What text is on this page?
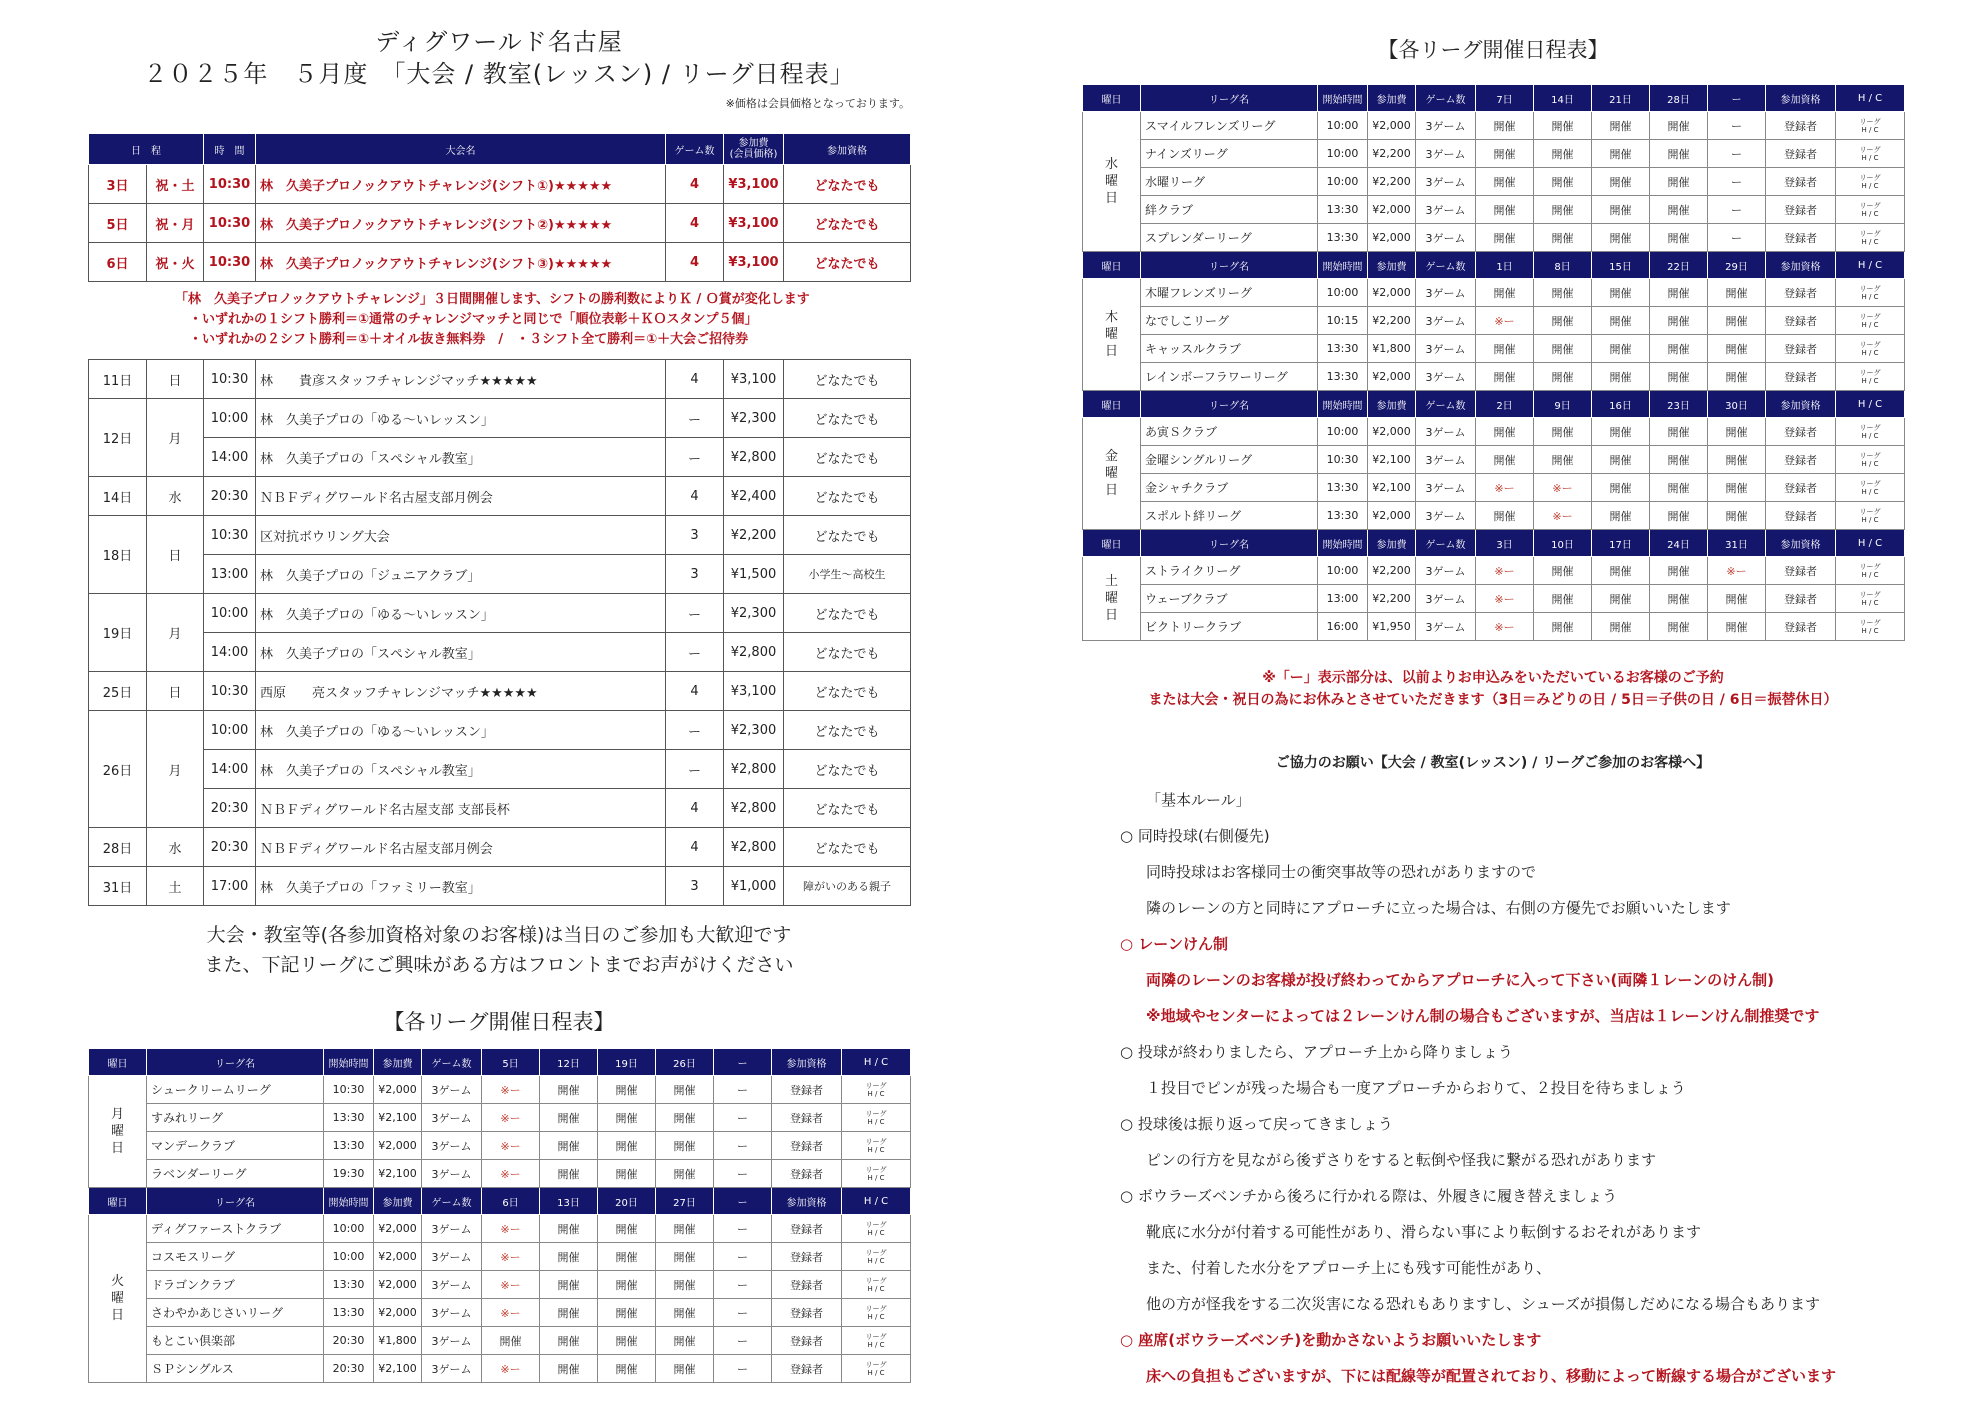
ディグワールド名古屋
２０２５年　５月度　「大会 / 教室(レッスン) / リーグ日程表」
※価格は会員価格となっております。
日　程		時　間	大会名	ゲーム数	参加費
(会員価格)	参加資格
3日	祝・土	10:30	林　久美子プロノックアウトチャレンジ(シフト①)★★★★★	4	¥3,100	どなたでも
5日	祝・月	10:30	林　久美子プロノックアウトチャレンジ(シフト②)★★★★★	4	¥3,100	どなたでも
6日	祝・火	10:30	林　久美子プロノックアウトチャレンジ(シフト③)★★★★★	4	¥3,100	どなたでも
「林　久美子プロノックアウトチャレンジ」３日間開催します、シフトの勝利数によりＫ / Ｏ賞が変化します
・いずれかの１シフト勝利＝①通常のチャレンジマッチと同じで「順位表彰＋ＫＯスタンプ５個」
・いずれかの２シフト勝利＝①＋オイル抜き無料券　/　・３シフト全て勝利＝①＋大会ご招待券
11日	日	10:30	林　　貴彦スタッフチャレンジマッチ★★★★★	4	¥3,100	どなたでも
12日	月	10:00	林　久美子プロの「ゆる〜いレッスン」	ー	¥2,300	どなたでも
		14:00	林　久美子プロの「スペシャル教室」	ー	¥2,800	どなたでも
14日	水	20:30	ＮＢＦディグワールド名古屋支部月例会	4	¥2,400	どなたでも
18日	日	10:30	区対抗ボウリング大会	3	¥2,200	どなたでも
		13:00	林　久美子プロの「ジュニアクラブ」	3	¥1,500	小学生〜高校生
19日	月	10:00	林　久美子プロの「ゆる〜いレッスン」	ー	¥2,300	どなたでも
		14:00	林　久美子プロの「スペシャル教室」	ー	¥2,800	どなたでも
25日	日	10:30	西原　　亮スタッフチャレンジマッチ★★★★★	4	¥3,100	どなたでも
26日	月	10:00	林　久美子プロの「ゆる〜いレッスン」	ー	¥2,300	どなたでも
		14:00	林　久美子プロの「スペシャル教室」	ー	¥2,800	どなたでも
		20:30	ＮＢＦディグワールド名古屋支部 支部長杯	4	¥2,800	どなたでも
28日	水	20:30	ＮＢＦディグワールド名古屋支部月例会	4	¥2,800	どなたでも
31日	土	17:00	林　久美子プロの「ファミリー教室」	3	¥1,000	障がいのある親子
大会・教室等(各参加資格対象のお客様)は当日のご参加も大歓迎です
また、下記リーグにご興味がある方はフロントまでお声がけください
【各リーグ開催日程表】
曜日	リーグ名	開始時間	参加費	ゲーム数	5日	12日	19日	26日	ー	参加資格	H / C
月
曜
日	シュークリームリーグ	10:30	¥2,000	3ゲーム	※ー	開催	開催	開催	ー	登録者	リーグ
H / C
	すみれリーグ	13:30	¥2,100	3ゲーム	※ー	開催	開催	開催	ー	登録者	リーグ
H / C
	マンデークラブ	13:30	¥2,000	3ゲーム	※ー	開催	開催	開催	ー	登録者	リーグ
H / C
	ラベンダーリーグ	19:30	¥2,100	3ゲーム	※ー	開催	開催	開催	ー	登録者	リーグ
H / C
曜日	リーグ名	開始時間	参加費	ゲーム数	6日	13日	20日	27日	ー	参加資格	H / C
火
曜
日	ディグファーストクラブ	10:00	¥2,000	3ゲーム	※ー	開催	開催	開催	ー	登録者	リーグ
H / C
	コスモスリーグ	10:00	¥2,000	3ゲーム	※ー	開催	開催	開催	ー	登録者	リーグ
H / C
	ドラゴンクラブ	13:30	¥2,000	3ゲーム	※ー	開催	開催	開催	ー	登録者	リーグ
H / C
	さわやかあじさいリーグ	13:30	¥2,000	3ゲーム	※ー	開催	開催	開催	ー	登録者	リーグ
H / C
	もとこい倶楽部	20:30	¥1,800	3ゲーム	開催	開催	開催	開催	ー	登録者	リーグ
H / C
	ＳＰシングルス	20:30	¥2,100	3ゲーム	※ー	開催	開催	開催	ー	登録者	リーグ
H / C
【各リーグ開催日程表】
曜日	リーグ名	開始時間	参加費	ゲーム数	7日	14日	21日	28日	ー	参加資格	H / C
水
曜
日	スマイルフレンズリーグ	10:00	¥2,000	3ゲーム	開催	開催	開催	開催	ー	登録者	リーグ
H / C
	ナインズリーグ	10:00	¥2,200	3ゲーム	開催	開催	開催	開催	ー	登録者	リーグ
H / C
	水曜リーグ	10:00	¥2,200	3ゲーム	開催	開催	開催	開催	ー	登録者	リーグ
H / C
	絆クラブ	13:30	¥2,000	3ゲーム	開催	開催	開催	開催	ー	登録者	リーグ
H / C
	スプレンダーリーグ	13:30	¥2,000	3ゲーム	開催	開催	開催	開催	ー	登録者	リーグ
H / C
曜日	リーグ名	開始時間	参加費	ゲーム数	1日	8日	15日	22日	29日	参加資格	H / C
木
曜
日	木曜フレンズリーグ	10:00	¥2,000	3ゲーム	開催	開催	開催	開催	開催	登録者	リーグ
H / C
	なでしこリーグ	10:15	¥2,200	3ゲーム	※ー	開催	開催	開催	開催	登録者	リーグ
H / C
	キャッスルクラブ	13:30	¥1,800	3ゲーム	開催	開催	開催	開催	開催	登録者	リーグ
H / C
	レインボーフラワーリーグ	13:30	¥2,000	3ゲーム	開催	開催	開催	開催	開催	登録者	リーグ
H / C
曜日	リーグ名	開始時間	参加費	ゲーム数	2日	9日	16日	23日	30日	参加資格	H / C
金
曜
日	あ寅Ｓクラブ	10:00	¥2,000	3ゲーム	開催	開催	開催	開催	開催	登録者	リーグ
H / C
	金曜シングルリーグ	10:30	¥2,100	3ゲーム	開催	開催	開催	開催	開催	登録者	リーグ
H / C
	金シャチクラブ	13:30	¥2,100	3ゲーム	※ー	※ー	開催	開催	開催	登録者	リーグ
H / C
	スポルト絆リーグ	13:30	¥2,000	3ゲーム	開催	※ー	開催	開催	開催	登録者	リーグ
H / C
曜日	リーグ名	開始時間	参加費	ゲーム数	3日	10日	17日	24日	31日	参加資格	H / C
土
曜
日	ストライクリーグ	10:00	¥2,200	3ゲーム	※ー	開催	開催	開催	※ー	登録者	リーグ
H / C
	ウェーブクラブ	13:00	¥2,200	3ゲーム	※ー	開催	開催	開催	開催	登録者	リーグ
H / C
	ビクトリークラブ	16:00	¥1,950	3ゲーム	※ー	開催	開催	開催	開催	登録者	リーグ
H / C
※「ー」表示部分は、以前よりお申込みをいただいているお客様のご予約
または大会・祝日の為にお休みとさせていただきます（3日＝みどりの日 / 5日＝子供の日 / 6日＝振替休日）
ご協力のお願い【大会 / 教室(レッスン) / リーグご参加のお客様へ】
「基本ルール」
○ 同時投球(右側優先)
同時投球はお客様同士の衝突事故等の恐れがありますので
隣のレーンの方と同時にアプローチに立った場合は、右側の方優先でお願いいたします
○ レーンけん制
両隣のレーンのお客様が投げ終わってからアプローチに入って下さい(両隣１レーンのけん制)
※地域やセンターによっては２レーンけん制の場合もございますが、当店は１レーンけん制推奨です
○ 投球が終わりましたら、アプローチ上から降りましょう
１投目でピンが残った場合も一度アプローチからおりて、２投目を待ちましょう
○ 投球後は振り返って戻ってきましょう
ピンの行方を見ながら後ずさりをすると転倒や怪我に繋がる恐れがあります
○ ボウラーズベンチから後ろに行かれる際は、外履きに履き替えましょう
靴底に水分が付着する可能性があり、滑らない事により転倒するおそれがあります
また、付着した水分をアプローチ上にも残す可能性があり、
他の方が怪我をする二次災害になる恐れもありますし、シューズが損傷しだめになる場合もあります
○ 座席(ボウラーズベンチ)を動かさないようお願いいたします
床への負担もございますが、下には配線等が配置されており、移動によって断線する場合がございます
